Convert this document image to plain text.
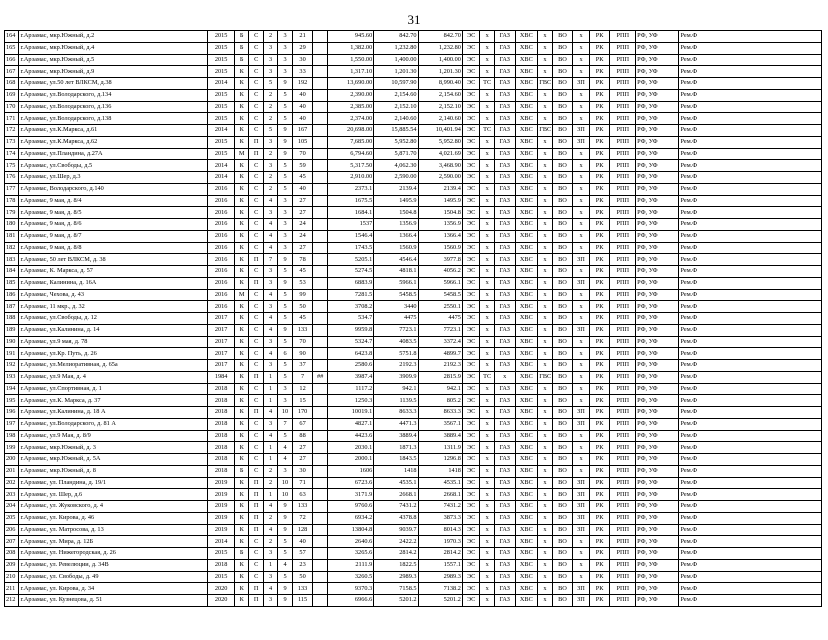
31
164	г.Арзамас, мкр.Южный, д.2	2015	Б	С	2	3	21		945.60	842.70	842.70	ЭС	х	ГАЗ	ХВС	х	ВО	х	РК	РПП	РФ, УФ	Рем.Ф
165	г.Арзамас, мкр.Южный, д.4	2015	Б	С	3	3	29		1,382.00	1,232.80	1,232.80	ЭС	х	ГАЗ	ХВС	х	ВО	х	РК	РПП	РФ, УФ	Рем.Ф
166	г.Арзамас, мкр.Южный, д.5	2015	Б	С	3	3	30		1,550.00	1,400.00	1,400.00	ЭС	х	ГАЗ	ХВС	х	ВО	х	РК	РПП	РФ, УФ	Рем.Ф
167	г.Арзамас, мкр.Южный, д.9	2015	К	С	3	3	33		1,317.10	1,201.30	1,201.30	ЭС	х	ГАЗ	ХВС	х	ВО	х	РК	РПП	РФ, УФ	Рем.Ф
168	г.Арзамас, ул.50 лет ВЛКСМ, д.38	2014	К	С	5	9	192		13,690.00	10,597.90	8,990.40	ЭС	ТС	ГАЗ	ХВС	ГВС	ВО	ЗП	РК	РПП	РФ, УФ	Рем.Ф
169	г.Арзамас, ул.Володарского, д.134	2015	К	С	2	5	40		2,390.00	2,154.60	2,154.60	ЭС	х	ГАЗ	ХВС	х	ВО	х	РК	РПП	РФ, УФ	Рем.Ф
170	г.Арзамас, ул.Володарского, д.136	2015	К	С	2	5	40		2,385.00	2,152.10	2,152.10	ЭС	х	ГАЗ	ХВС	х	ВО	х	РК	РПП	РФ, УФ	Рем.Ф
171	г.Арзамас, ул.Володарского, д.138	2015	К	С	2	5	40		2,374.00	2,140.60	2,140.60	ЭС	х	ГАЗ	ХВС	х	ВО	х	РК	РПП	РФ, УФ	Рем.Ф
172	г.Арзамас, ул.К.Маркса, д.61	2014	К	С	5	9	167		20,698.00	15,885.54	10,401.94	ЭС	ТС	ГАЗ	ХВС	ГВС	ВО	ЗП	РК	РПП	РФ, УФ	Рем.Ф
173	г.Арзамас, ул.К.Маркса, д.62	2015	К	П	3	9	105		7,685.00	5,952.80	5,952.80	ЭС	х	ГАЗ	ХВС	х	ВО	ЗП	РК	РПП	РФ, УФ	Рем.Ф
174	г.Арзамас, ул.Пландина, д.27А	2015	М	П	2	9	70		6,794.60	5,871.70	4,021.69	ЭС	х	ГАЗ	ХВС	х	ВО	х	РК	РПП	РФ, УФ	Рем.Ф
175	г.Арзамас, ул.Свободы, д.5	2014	К	С	3	5	59		5,317.50	4,062.30	3,468.90	ЭС	х	ГАЗ	ХВС	х	ВО	х	РК	РПП	РФ, УФ	Рем.Ф
176	г.Арзамас, ул.Шер, д.3	2014	К	С	2	5	45		2,910.00	2,590.00	2,590.00	ЭС	х	ГАЗ	ХВС	х	ВО	х	РК	РПП	РФ, УФ	Рем.Ф
177	г.Арзамас, Володарского, д.140	2016	К	С	2	5	40		2373.1	2139.4	2139.4	ЭС	х	ГАЗ	ХВС	х	ВО	х	РК	РПП	РФ, УФ	Рем.Ф
178	г.Арзамас, 9 мая, д. 8/4	2016	К	С	4	3	27		1675.5	1495.9	1495.9	ЭС	х	ГАЗ	ХВС	х	ВО	х	РК	РПП	РФ, УФ	Рем.Ф
179	г.Арзамас, 9 мая, д. 8/5	2016	К	С	3	3	27		1684.1	1504.8	1504.8	ЭС	х	ГАЗ	ХВС	х	ВО	х	РК	РПП	РФ, УФ	Рем.Ф
180	г.Арзамас, 9 мая, д. 8/6	2016	К	С	4	3	24		1537	1356.9	1356.9	ЭС	х	ГАЗ	ХВС	х	ВО	х	РК	РПП	РФ, УФ	Рем.Ф
181	г.Арзамас, 9 мая, д. 8/7	2016	К	С	4	3	24		1546.4	1366.4	1366.4	ЭС	х	ГАЗ	ХВС	х	ВО	х	РК	РПП	РФ, УФ	Рем.Ф
182	г.Арзамас, 9 мая, д. 8/8	2016	К	С	4	3	27		1743.5	1560.9	1560.9	ЭС	х	ГАЗ	ХВС	х	ВО	х	РК	РПП	РФ, УФ	Рем.Ф
183	г.Арзамас, 50 лет ВЛКСМ, д. 38	2016	К	П	7	9	78		5205.1	4546.4	3977.8	ЭС	х	ГАЗ	ХВС	х	ВО	ЗП	РК	РПП	РФ, УФ	Рем.Ф
184	г.Арзамас, К. Маркса, д. 57	2016	К	С	3	5	45		5274.5	4818.1	4056.2	ЭС	х	ГАЗ	ХВС	х	ВО	х	РК	РПП	РФ, УФ	Рем.Ф
185	г.Арзамас, Калинина, д. 16А	2016	К	П	3	9	53		6883.9	5966.1	5966.1	ЭС	х	ГАЗ	ХВС	х	ВО	ЗП	РК	РПП	РФ, УФ	Рем.Ф
186	г.Арзамас, Чехова, д. 43	2016	М	С	4	5	99		7281.5	5458.5	5458.5	ЭС	х	ГАЗ	ХВС	х	ВО	х	РК	РПП	РФ, УФ	Рем.Ф
187	г.Арзамас, 11 мкр., д. 32	2016	К	С	3	5	50		3708.2	3440	2550.1	ЭС	х	ГАЗ	ХВС	х	ВО	х	РК	РПП	РФ, УФ	Рем.Ф
188	г.Арзамас, ул.Свободы, д. 12	2017	К	С	4	5	45		534.7	4475	4475	ЭС	х	ГАЗ	ХВС	х	ВО	х	РК	РПП	РФ, УФ	Рем.Ф
189	г.Арзамас, ул.Калинина, д. 14	2017	К	С	4	9	133		9959.8	7723.1	7723.1	ЭС	х	ГАЗ	ХВС	х	ВО	ЗП	РК	РПП	РФ, УФ	Рем.Ф
190	г.Арзамас, ул.9 мая, д. 78	2017	К	С	3	5	70		5324.7	4083.5	3372.4	ЭС	х	ГАЗ	ХВС	х	ВО	х	РК	РПП	РФ, УФ	Рем.Ф
191	г.Арзамас, ул.Кр. Путь, д. 26	2017	К	С	4	6	90		6423.8	5751.8	4899.7	ЭС	х	ГАЗ	ХВС	х	ВО	х	РК	РПП	РФ, УФ	Рем.Ф
192	г.Арзамас, ул.Мелиоративная, д. 65а	2017	К	С	3	5	37		2580.6	2192.3	2192.3	ЭС	х	ГАЗ	ХВС	х	ВО	х	РК	РПП	РФ, УФ	Рем.Ф
193	г.Арзамас, ул.9 Мая, д. 4	1984	К	П	1	5	7	##	3987.4	3909.9	2815.9	ЭС	ТС	х	ХВС	ГВС	ВО	х	РК	РПП	РФ, УФ	Рем.Ф
194	г.Арзамас, ул.Спортивная, д. 1	2018	К	С	1	3	12		1117.2	942.1	942.1	ЭС	х	ГАЗ	ХВС	х	ВО	х	РК	РПП	РФ, УФ	Рем.Ф
195	г.Арзамас, ул.К. Маркса, д. 37	2018	К	С	1	3	15		1250.3	1139.5	805.2	ЭС	х	ГАЗ	ХВС	х	ВО	х	РК	РПП	РФ, УФ	Рем.Ф
196	г.Арзамас, ул.Калинина, д. 18 А	2018	К	П	4	10	170		10019.1	8633.3	8633.3	ЭС	х	ГАЗ	ХВС	х	ВО	ЗП	РК	РПП	РФ, УФ	Рем.Ф
197	г.Арзамас, ул.Володарского, д. 81 А	2018	К	С	3	7	67		4827.1	4471.3	3567.1	ЭС	х	ГАЗ	ХВС	х	ВО	ЗП	РК	РПП	РФ, УФ	Рем.Ф
198	г.Арзамас, ул.9 Мая, д. 8/9	2018	К	С	4	5	88		4423.6	3889.4	3889.4	ЭС	х	ГАЗ	ХВС	х	ВО	х	РК	РПП	РФ, УФ	Рем.Ф
199	г.Арзамас, мкр.Южный, д. 3	2018	К	С	1	4	27		2030.1	1871.3	1311.9	ЭС	х	ГАЗ	ХВС	х	ВО	х	РК	РПП	РФ, УФ	Рем.Ф
200	г.Арзамас, мкр.Южный, д. 5А	2018	К	С	1	4	27		2000.1	1843.5	1296.8	ЭС	х	ГАЗ	ХВС	х	ВО	х	РК	РПП	РФ, УФ	Рем.Ф
201	г.Арзамас, мкр.Южный, д. 8	2018	Б	С	2	3	30		1606	1418	1418	ЭС	х	ГАЗ	ХВС	х	ВО	х	РК	РПП	РФ, УФ	Рем.Ф
202	г.Арзамас, ул. Пландина, д. 19/1	2019	К	П	2	10	71		6723.6	4535.1	4535.1	ЭС	х	ГАЗ	ХВС	х	ВО	ЗП	РК	РПП	РФ, УФ	Рем.Ф
203	г.Арзамас, ул. Шер, д.6	2019	К	П	1	10	63		3171.9	2668.1	2668.1	ЭС	х	ГАЗ	ХВС	х	ВО	ЗП	РК	РПП	РФ, УФ	Рем.Ф
204	г.Арзамас, ул. Жуковского, д. 4	2019	К	П	4	9	133		9760.6	7431.2	7431.2	ЭС	х	ГАЗ	ХВС	х	ВО	ЗП	РК	РПП	РФ, УФ	Рем.Ф
205	г.Арзамас, ул. Кирова, д. 46	2019	К	П	2	9	72		6934.2	4378.8	3873.3	ЭС	х	ГАЗ	ХВС	х	ВО	ЗП	РК	РПП	РФ, УФ	Рем.Ф
206	г.Арзамас, ул. Матросова, д. 13	2019	К	П	4	9	128		13804.8	9039.7	8014.3	ЭС	х	ГАЗ	ХВС	х	ВО	ЗП	РК	РПП	РФ, УФ	Рем.Ф
207	г.Арзамас, ул. Мира, д. 12Б	2014	К	С	2	5	40		2640.6	2422.2	1970.3	ЭС	х	ГАЗ	ХВС	х	ВО	х	РК	РПП	РФ, УФ	Рем.Ф
208	г.Арзамас, ул. Нижегородская, д. 26	2015	Б	С	3	5	57		3265.6	2814.2	2814.2	ЭС	х	ГАЗ	ХВС	х	ВО	х	РК	РПП	РФ, УФ	Рем.Ф
209	г.Арзамас, ул. Ревелюции, д. 34В	2018	К	С	1	4	23		2111.9	1822.5	1557.1	ЭС	х	ГАЗ	ХВС	х	ВО	х	РК	РПП	РФ, УФ	Рем.Ф
210	г.Арзамас, ул. Свободы, д. 49	2015	К	С	3	5	50		3260.5	2989.3	2989.3	ЭС	х	ГАЗ	ХВС	х	ВО	х	РК	РПП	РФ, УФ	Рем.Ф
211	г.Арзамас, ул. Кирова, д. 34	2020	К	П	4	9	133		9370.3	7158.5	7138.2	ЭС	х	ГАЗ	ХВС	х	ВО	ЗП	РК	РПП	РФ, УФ	Рем.Ф
212	г.Арзамас, ул. Кузнецова, д. 51	2020	К	П	3	9	115		6966.6	5201.2	5201.2	ЭС	х	ГАЗ	ХВС	х	ВО	ЗП	РК	РПП	РФ, УФ	Рем.Ф
